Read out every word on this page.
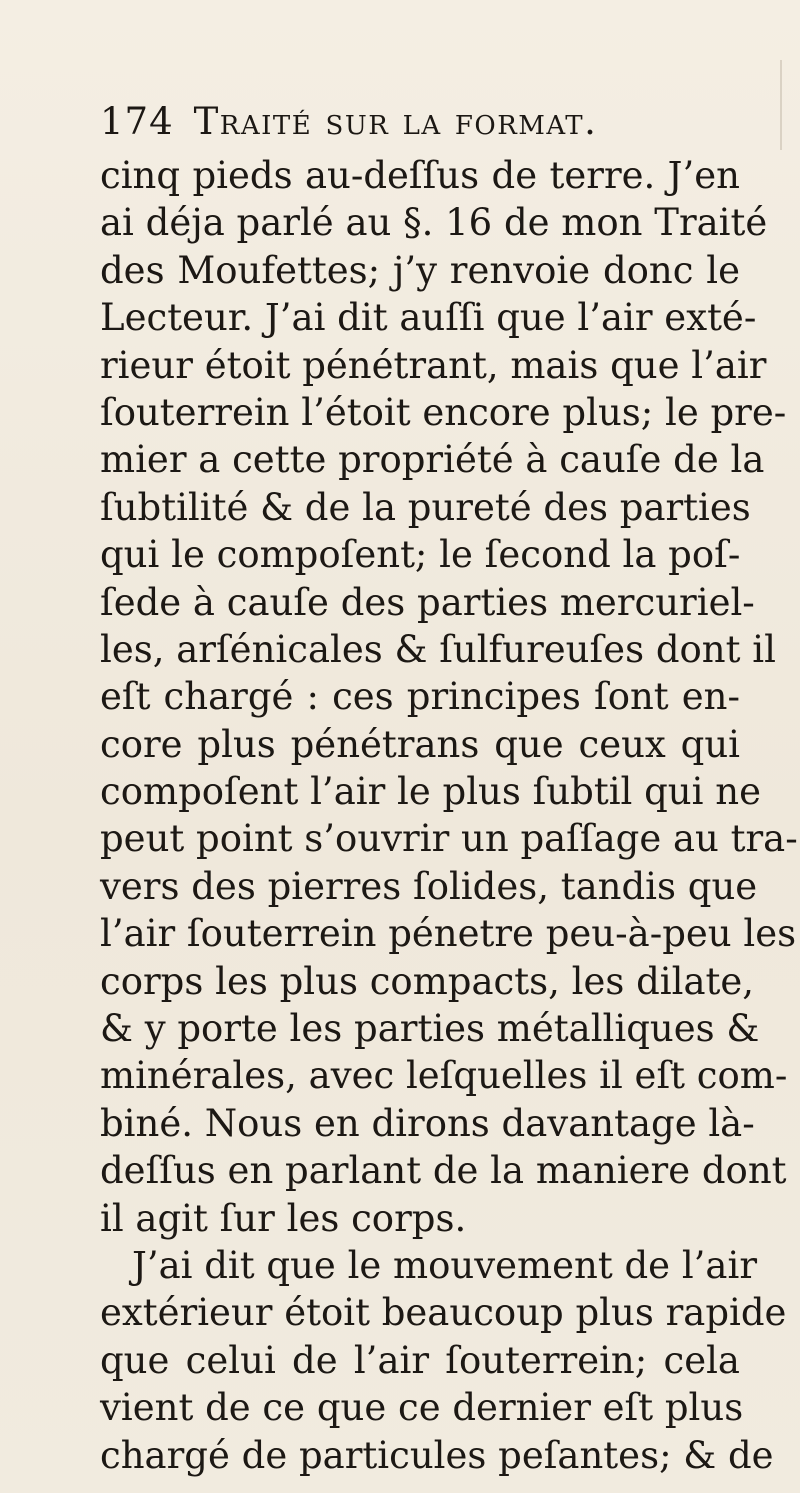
174 Traité sur la format.
cinq pieds au-deſſus de terre. J’en
ai déja parlé au §. 16 de mon Traité
des Moufettes; j’y renvoie donc le
Lecteur. J’ai dit auſſi que l’air exté-
rieur étoit pénétrant, mais que l’air
ſouterrein l’étoit encore plus; le pre-
mier a cette propriété à cauſe de la
ſubtilité & de la pureté des parties
qui le compoſent; le ſecond la poſ-
ſede à cauſe des parties mercuriel-
les, arſénicales & ſulfureuſes dont il
eſt chargé : ces principes ſont en-
core plus pénétrans que ceux qui
compoſent l’air le plus ſubtil qui ne
peut point s’ouvrir un paſſage au tra-
vers des pierres ſolides, tandis que
l’air ſouterrein pénetre peu-à-peu les
corps les plus compacts, les dilate,
& y porte les parties métalliques &
minérales, avec leſquelles il eſt com-
biné. Nous en dirons davantage là-
deſſus en parlant de la maniere dont
il agit ſur les corps.
J’ai dit que le mouvement de l’air
extérieur étoit beaucoup plus rapide
que celui de l’air ſouterrein; cela
vient de ce que ce dernier eſt plus
chargé de particules peſantes; & de
